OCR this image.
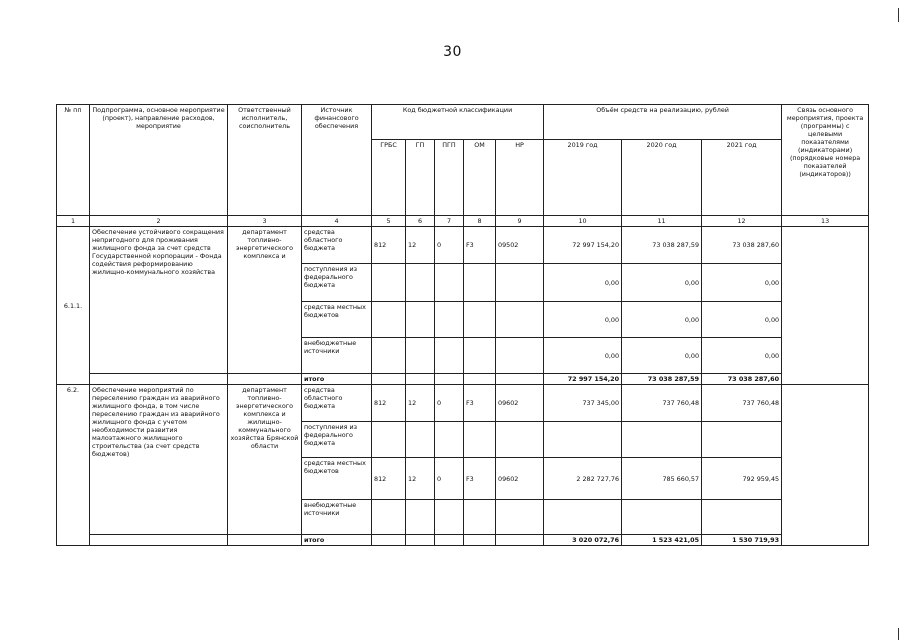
30
№ пп	Подпрограмма, основное мероприятие (проект), направление расходов, мероприятие	Ответственный исполнитель, соисполнитель	Источник финансового обеспечения	Код бюджетной классификации					Объём средств на реализацию, рублей			Связь основного мероприятия, проекта (программы) с целевыми показателями (индикаторами) (порядковые номера показателей (индикаторов))
				ГРБС	ГП	ПГП	ОМ	НР	2019 год	2020 год	2021 год	
1	2	3	4	5	6	7	8	9	10	11	12	13
6.1.1.	Обеспечение устойчивого сокращения непригодного для проживания жилищного фонда за счет средств Государственной корпорации - Фонда содействия реформированию жилищно-коммунального хозяйства	департамент топливно-энергетического комплекса и	средства областного бюджета	812	12	0	F3	09502	72 997 154,20	73 038 287,59	73 038 287,60	
			поступления из федерального бюджета						0,00	0,00	0,00	
			средства местных бюджетов						0,00	0,00	0,00	
			внебюджетные источники						0,00	0,00	0,00	
			итого						72 997 154,20	73 038 287,59	73 038 287,60	
6.2.	Обеспечение мероприятий по переселению граждан из аварийного жилищного фонда, в том числе переселению граждан из аварийного жилищного фонда с учетом необходимости развития малоэтажного жилищного строительства (за счет средств бюджетов)	департамент топливно-энергетического комплекса и жилищно-коммунального хозяйства Брянской области	средства областного бюджета	812	12	0	F3	09602	737 345,00	737 760,48	737 760,48	
			поступления из федерального бюджета									
			средства местных бюджетов	812	12	0	F3	09602	2 282 727,76	785 660,57	792 959,45	
			внебюджетные источники									
			итого						3 020 072,76	1 523 421,05	1 530 719,93	
